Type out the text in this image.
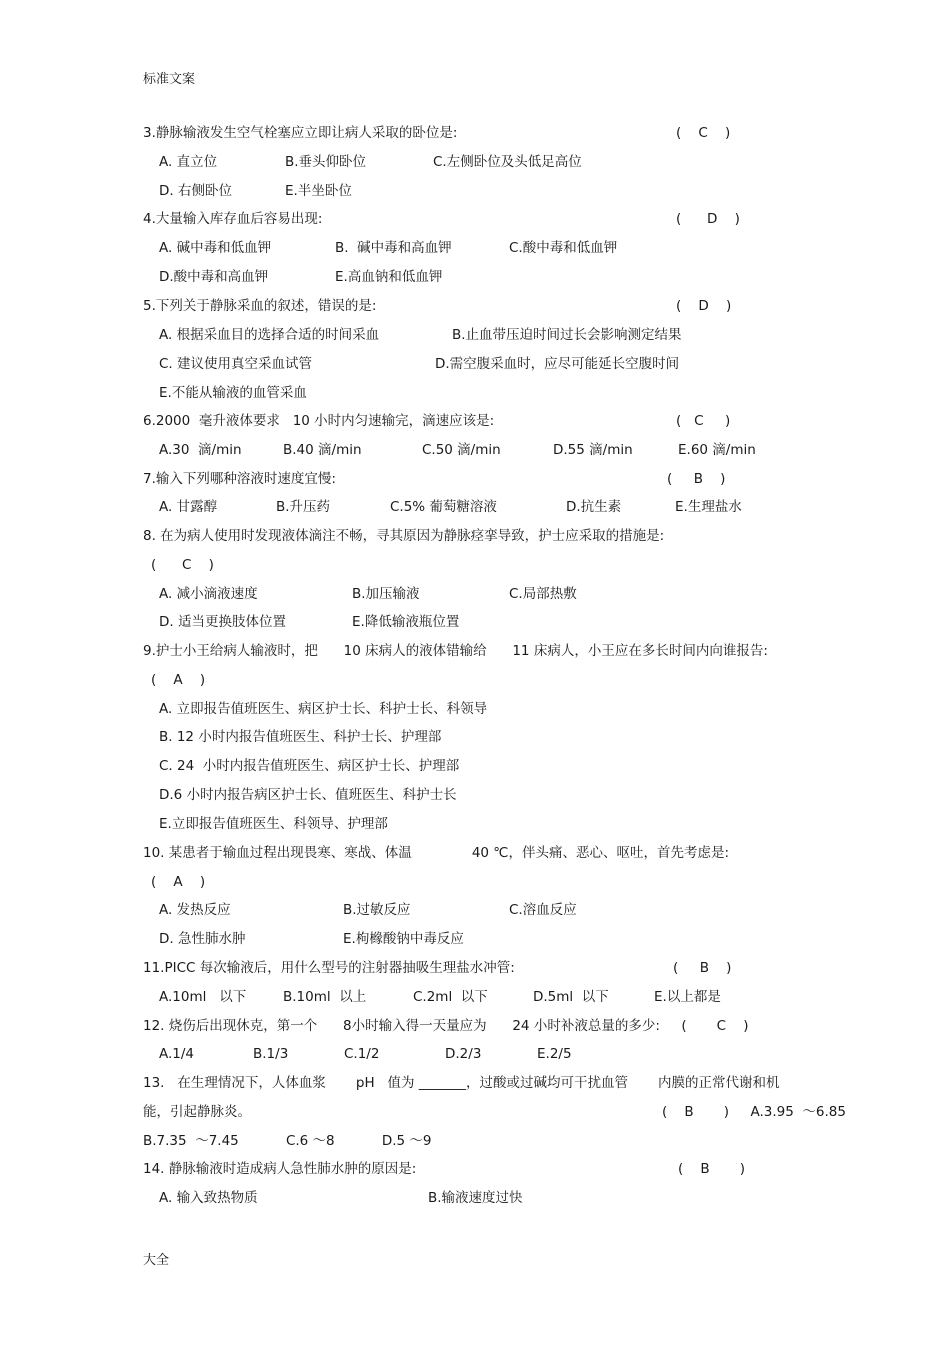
标准文案
3.静脉输液发生空气栓塞应立即让病人采取的卧位是:	(    C    )
A. 直立位	B.垂头仰卧位	C.左侧卧位及头低足高位
D. 右侧卧位	E.半坐卧位
4.大量输入库存血后容易出现:	(      D    )
A. 碱中毒和低血钾	B.  碱中毒和高血钾	C.酸中毒和低血钾
D.酸中毒和高血钾	E.高血钠和低血钾
5.下列关于静脉采血的叙述，错误的是:	(    D    )
A. 根据采血目的选择合适的时间采血	B.止血带压迫时间过长会影响测定结果
C. 建议使用真空采血试管	D.需空腹采血时，应尽可能延长空腹时间
E.不能从输液的血管采血
6.2000  毫升液体要求   10 小时内匀速输完，滴速应该是:	(   C     )
A.30  滴/min	B.40 滴/min	C.50 滴/min	D.55 滴/min	E.60 滴/min
7.输入下列哪种溶液时速度宜慢:	(     B    )
A. 甘露醇	B.升压药	C.5% 葡萄糖溶液	D.抗生素	E.生理盐水
8. 在为病人使用时发现液体滴注不畅，寻其原因为静脉痉挛导致，护士应采取的措施是:
(      C    )
A. 减小滴液速度	B.加压输液	C.局部热敷
D. 适当更换肢体位置	E.降低输液瓶位置
9.护士小王给病人输液时，把      10 床病人的液体错输给      11 床病人，小王应在多长时间内向谁报告:
(    A    )
A. 立即报告值班医生、病区护士长、科护士长、科领导
B. 12 小时内报告值班医生、科护士长、护理部
C. 24  小时内报告值班医生、病区护士长、护理部
D.6 小时内报告病区护士长、值班医生、科护士长
E.立即报告值班医生、科领导、护理部
10. 某患者于输血过程出现畏寒、寒战、体温              40 ℃，伴头痛、恶心、呕吐，首先考虑是:
(    A    )
A. 发热反应	B.过敏反应	C.溶血反应
D. 急性肺水肿	E.枸橼酸钠中毒反应
11.PICC 每次输液后，用什么型号的注射器抽吸生理盐水冲管:	(     B    )
A.10ml   以下	B.10ml  以上	C.2ml  以下	D.5ml  以下	E.以上都是
12. 烧伤后出现休克，第一个      8小时输入得一天量应为      24 小时补液总量的多少:     (       C    )
A.1/4	B.1/3	C.1/2	D.2/3	E.2/5
13.   在生理情况下，人体血浆       pH   值为 _______，过酸或过碱均可干扰血管       内膜的正常代谢和机
能，引起静脉炎。	(    B       )     A.3.95  ～6.85
B.7.35  ～7.45           C.6 ～8           D.5 ～9
14. 静脉输液时造成病人急性肺水肿的原因是:	(    B       )
A. 输入致热物质	B.输液速度过快
大全
